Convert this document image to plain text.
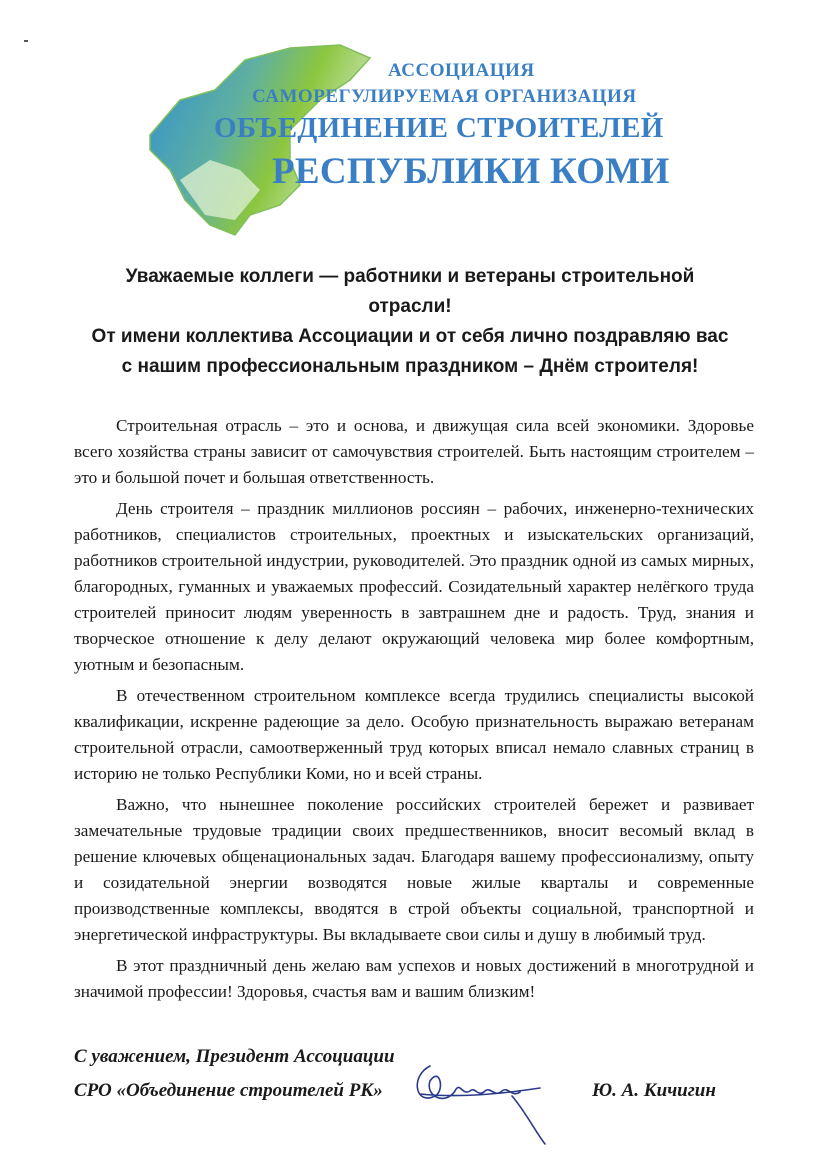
АССОЦИАЦИЯ
САМОРЕГУЛИРУЕМАЯ ОРГАНИЗАЦИЯ
ОБЪЕДИНЕНИЕ СТРОИТЕЛЕЙ
РЕСПУБЛИКИ КОМИ
Уважаемые коллеги — работники и ветераны строительной
отрасли!
От имени коллектива Ассоциации и от себя лично поздравляю вас
с нашим профессиональным праздником – Днём строителя!

Строительная отрасль – это и основа, и движущая сила всей экономики. Здоровье всего хозяйства страны зависит от самочувствия строителей. Быть настоящим строителем – это и большой почет и большая ответственность.

День строителя – праздник миллионов россиян – рабочих, инженерно-технических работников, специалистов строительных, проектных и изыскательских организаций, работников строительной индустрии, руководителей. Это праздник одной из самых мирных, благородных, гуманных и уважаемых профессий. Созидательный характер нелёгкого труда строителей приносит людям уверенность в завтрашнем дне и радость. Труд, знания и творческое отношение к делу делают окружающий человека мир более комфортным, уютным и безопасным.

В отечественном строительном комплексе всегда трудились специалисты высокой квалификации, искренне радеющие за дело. Особую признательность выражаю ветеранам строительной отрасли, самоотверженный труд которых вписал немало славных страниц в историю не только Республики Коми, но и всей страны.

Важно, что нынешнее поколение российских строителей бережет и развивает замечательные трудовые традиции своих предшественников, вносит весомый вклад в решение ключевых общенациональных задач. Благодаря вашему профессионализму, опыту и созидательной энергии возводятся новые жилые кварталы и современные производственные комплексы, вводятся в строй объекты социальной, транспортной и энергетической инфраструктуры. Вы вкладываете свои силы и душу в любимый труд.

В этот праздничный день желаю вам успехов и новых достижений в многотрудной и значимой профессии! Здоровья, счастья вам и вашим близким!

С уважением, Президент Ассоциации
СРО «Объединение строителей РК»	Ю. А. Кичигин
